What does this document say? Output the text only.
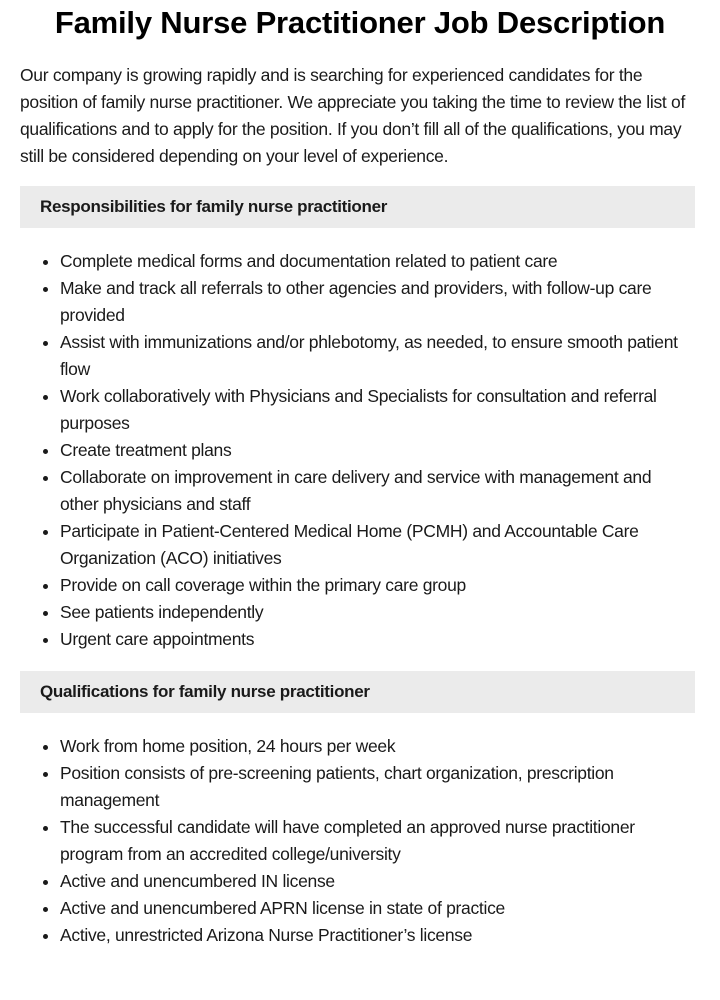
Family Nurse Practitioner Job Description

Our company is growing rapidly and is searching for experienced candidates for the position of family nurse practitioner. We appreciate you taking the time to review the list of qualifications and to apply for the position. If you don’t fill all of the qualifications, you may still be considered depending on your level of experience.

Responsibilities for family nurse practitioner
• Complete medical forms and documentation related to patient care
• Make and track all referrals to other agencies and providers, with follow-up care provided
• Assist with immunizations and/or phlebotomy, as needed, to ensure smooth patient flow
• Work collaboratively with Physicians and Specialists for consultation and referral purposes
• Create treatment plans
• Collaborate on improvement in care delivery and service with management and other physicians and staff
• Participate in Patient-Centered Medical Home (PCMH) and Accountable Care Organization (ACO) initiatives
• Provide on call coverage within the primary care group
• See patients independently
• Urgent care appointments
Qualifications for family nurse practitioner
• Work from home position, 24 hours per week
• Position consists of pre-screening patients, chart organization, prescription management
• The successful candidate will have completed an approved nurse practitioner program from an accredited college/university
• Active and unencumbered IN license
• Active and unencumbered APRN license in state of practice
• Active, unrestricted Arizona Nurse Practitioner’s license
